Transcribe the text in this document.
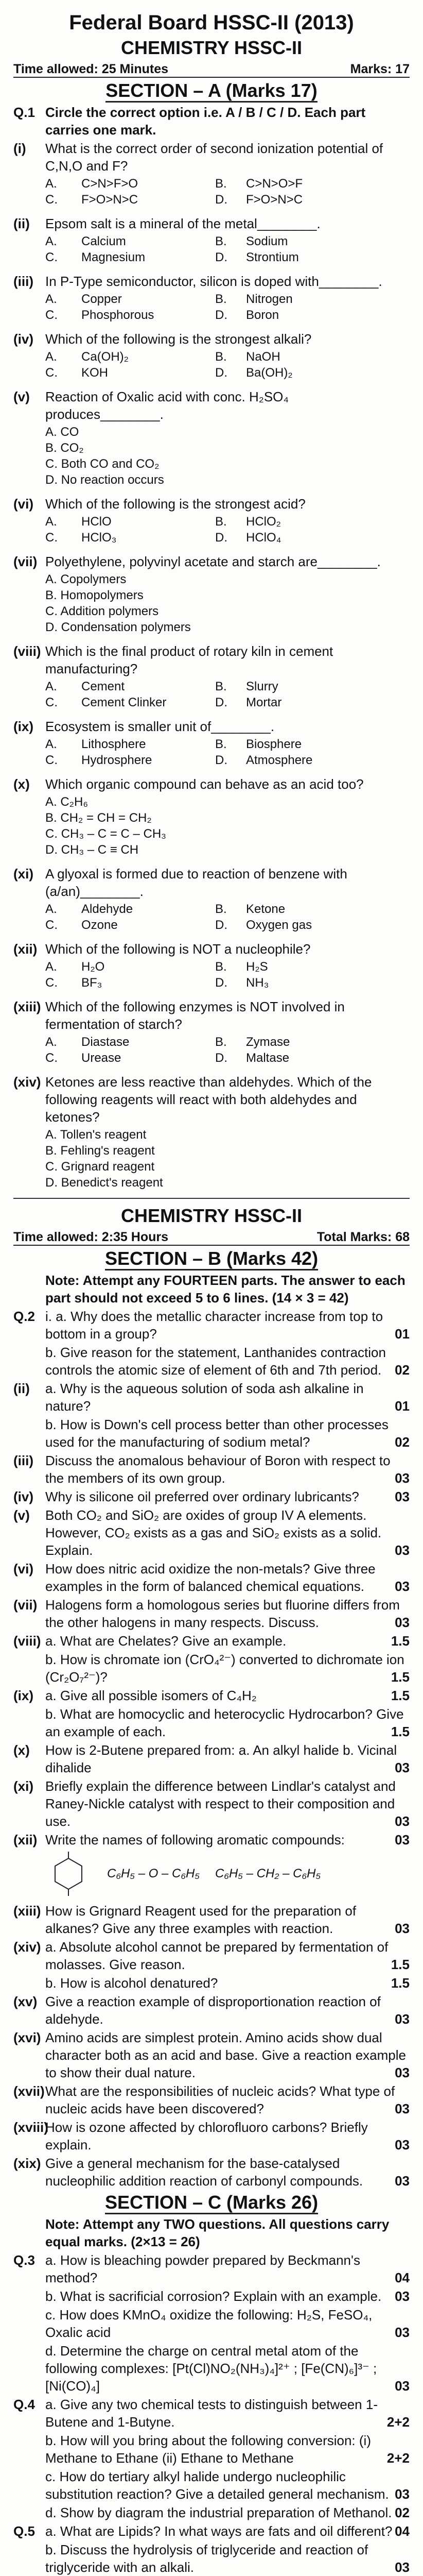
Federal Board HSSC-II (2013)
CHEMISTRY HSSC-II
Time allowed: 25 Minutes	Marks: 17
SECTION – A (Marks 17)
Q.1 Circle the correct option i.e. A / B / C / D. Each part carries one mark.
(i)	What is the correct order of second ionization potential of C,N,O and F?
A.	C>N>F>O	B.	C>N>O>F
C.	F>O>N>C	D.	F>O>N>C
(ii)	Epsom salt is a mineral of the metal________.
A.	Calcium	B.	Sodium
C.	Magnesium	D.	Strontium
(iii) In P-Type semiconductor, silicon is doped with________.
A.	Copper	B.	Nitrogen
C.	Phosphorous	D.	Boron
(iv) Which of the following is the strongest alkali?
A.	Ca(OH)₂	B.	NaOH
C.	KOH	D.	Ba(OH)₂
(v)	Reaction of Oxalic acid with conc. H₂SO₄ produces________.
A. CO
B. CO₂
C. Both CO and CO₂
D. No reaction occurs
(vi) Which of the following is the strongest acid?
A.	HClO	B.	HClO₂
C.	HClO₃	D.	HClO₄
(vii) Polyethylene, polyvinyl acetate and starch are________.
A. Copolymers
B. Homopolymers
C. Addition polymers
D. Condensation polymers
(viii) Which is the final product of rotary kiln in cement manufacturing?
A.	Cement	B.	Slurry
C.	Cement Clinker	D.	Mortar
(ix) Ecosystem is smaller unit of________.
A.	Lithosphere	B.	Biosphere
C.	Hydrosphere	D.	Atmosphere
(x)	Which organic compound can behave as an acid too?
A. C₂H₆
B. CH₂ = CH = CH₂
C. CH₃ – C = C – CH₃
D. CH₃ – C ≡ CH
(xi) A glyoxal is formed due to reaction of benzene with (a/an)________.
A.	Aldehyde	B.	Ketone
C.	Ozone	D.	Oxygen gas
(xii) Which of the following is NOT a nucleophile?
A.	H₂O	B.	H₂S
C.	BF₃	D.	NH₃
(xiii) Which of the following enzymes is NOT involved in fermentation of starch?
A.	Diastase	B.	Zymase
C.	Urease	D.	Maltase
(xiv) Ketones are less reactive than aldehydes. Which of the following reagents will react with both aldehydes and ketones?
A. Tollen's reagent
B. Fehling's reagent
C. Grignard reagent
D. Benedict's reagent
CHEMISTRY HSSC-II
Time allowed: 2:35 Hours	Total Marks: 68
SECTION – B (Marks 42)
Note: Attempt any FOURTEEN parts. The answer to each part should not exceed 5 to 6 lines. (14 × 3 = 42)
Q.2 i. a. Why does the metallic character increase from top to bottom in a group?	01
b. Give reason for the statement, Lanthanides contraction controls the atomic size of element of 6th and 7th period. 02
(ii)	a. Why is the aqueous solution of soda ash alkaline in nature?	01
b. How is Down's cell process better than other processes used for the manufacturing of sodium metal?	02
(iii) Discuss the anomalous behaviour of Boron with respect to the members of its own group.	03
(iv) Why is silicone oil preferred over ordinary lubricants?	03
(v)	Both CO₂ and SiO₂ are oxides of group IV A elements. However, CO₂ exists as a gas and SiO₂ exists as a solid. Explain.	03
(vi) How does nitric acid oxidize the non-metals? Give three examples in the form of balanced chemical equations. 03
(vii) Halogens form a homologous series but fluorine differs from the other halogens in many respects. Discuss.	03
(viii) a. What are Chelates? Give an example.	1.5
b. How is chromate ion (CrO₄²⁻) converted to dichromate ion (Cr₂O₇²⁻)?	1.5
(ix) a. Give all possible isomers of C₄H₂	1.5
b. What are homocyclic and heterocyclic Hydrocarbon? Give an example of each.	1.5
(x)	How is 2-Butene prepared from: a. An alkyl halide b. Vicinal dihalide	03
(xi) Briefly explain the difference between Lindlar's catalyst and Raney-Nickle catalyst with respect to their composition and use.	03
(xii) Write the names of following aromatic compounds:	03
C₆H₅ – O – C₆H₅ C₆H₅ – CH₂ – C₆H₅
(xiii) How is Grignard Reagent used for the preparation of alkanes? Give any three examples with reaction.	03
(xiv) a. Absolute alcohol cannot be prepared by fermentation of molasses. Give reason.	1.5
b. How is alcohol denatured?	1.5
(xv) Give a reaction example of disproportionation reaction of aldehyde.	03
(xvi) Amino acids are simplest protein. Amino acids show dual character both as an acid and base. Give a reaction example to show their dual nature.	03
(xvii) What are the responsibilities of nucleic acids? What type of nucleic acids have been discovered?	03
(xviii)
How is ozone affected by chlorofluoro carbons? Briefly explain.	03
(xix) Give a general mechanism for the base-catalysed nucleophilic addition reaction of carbonyl compounds. 03
SECTION – C (Marks 26)
Note: Attempt any TWO questions. All questions carry equal marks. (2×13 = 26)
Q.3 a. How is bleaching powder prepared by Beckmann's method?	04
b. What is sacrificial corrosion? Explain with an example. 03
c. How does KMnO₄ oxidize the following: H₂S, FeSO₄, Oxalic acid	03
d. Determine the charge on central metal atom of the following complexes: [Pt(Cl)NO₂(NH₃)₄]²⁺ ; [Fe(CN)₆]³⁻ ; [Ni(CO)₄]	03
Q.4 a. Give any two chemical tests to distinguish between 1-Butene and 1-Butyne.	2+2
b. How will you bring about the following conversion: (i) Methane to Ethane (ii) Ethane to Methane	2+2
c. How do tertiary alkyl halide undergo nucleophilic substitution reaction? Give a detailed general mechanism. 03
d. Show by diagram the industrial preparation of Methanol. 02
Q.5 a. What are Lipids? In what ways are fats and oil different? 04
b. Discuss the hydrolysis of triglyceride and reaction of triglyceride with an alkali.	03
